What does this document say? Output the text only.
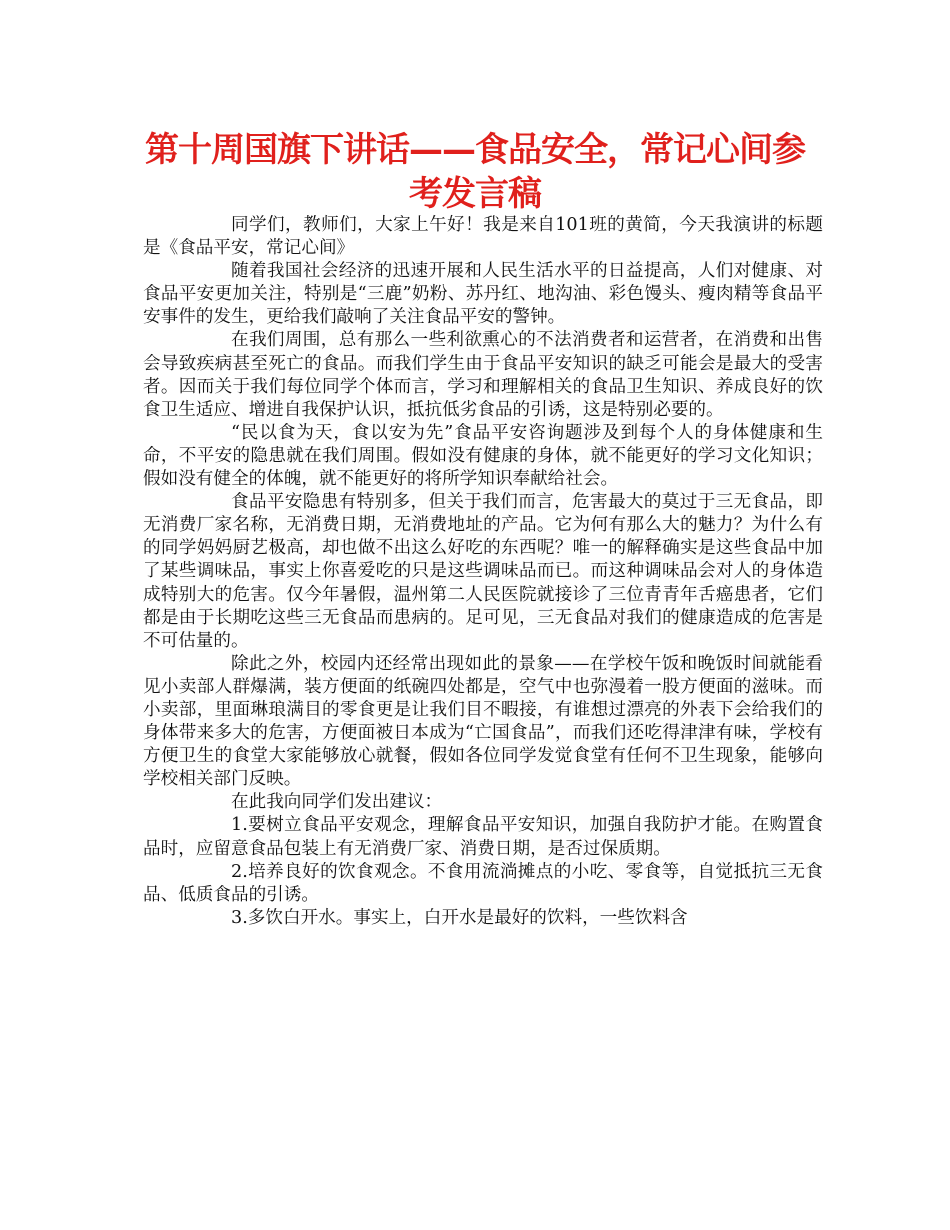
第十周国旗下讲话——食品安全，常记心间参考发言稿

同学们，教师们，大家上午好！我是来自101班的黄简，今天我演讲的标题是《食品平安，常记心间》

随着我国社会经济的迅速开展和人民生活水平的日益提高，人们对健康、对食品平安更加关注，特别是“三鹿”奶粉、苏丹红、地沟油、彩色馒头、瘦肉精等食品平安事件的发生，更给我们敲响了关注食品平安的警钟。

在我们周围，总有那么一些利欲熏心的不法消费者和运营者，在消费和出售会导致疾病甚至死亡的食品。而我们学生由于食品平安知识的缺乏可能会是最大的受害者。因而关于我们每位同学个体而言，学习和理解相关的食品卫生知识、养成良好的饮食卫生适应、增进自我保护认识，抵抗低劣食品的引诱，这是特别必要的。

“民以食为天，食以安为先”食品平安咨询题涉及到每个人的身体健康和生命，不平安的隐患就在我们周围。假如没有健康的身体，就不能更好的学习文化知识；假如没有健全的体魄，就不能更好的将所学知识奉献给社会。

食品平安隐患有特别多，但关于我们而言，危害最大的莫过于三无食品，即无消费厂家名称，无消费日期，无消费地址的产品。它为何有那么大的魅力？为什么有的同学妈妈厨艺极高，却也做不出这么好吃的东西呢？唯一的解释确实是这些食品中加了某些调味品，事实上你喜爱吃的只是这些调味品而已。而这种调味品会对人的身体造成特别大的危害。仅今年暑假，温州第二人民医院就接诊了三位青青年舌癌患者，它们都是由于长期吃这些三无食品而患病的。足可见，三无食品对我们的健康造成的危害是不可估量的。

除此之外，校园内还经常出现如此的景象——在学校午饭和晚饭时间就能看见小卖部人群爆满，装方便面的纸碗四处都是，空气中也弥漫着一股方便面的滋味。而小卖部，里面琳琅满目的零食更是让我们目不暇接，有谁想过漂亮的外表下会给我们的身体带来多大的危害，方便面被日本成为“亡国食品”，而我们还吃得津津有味，学校有方便卫生的食堂大家能够放心就餐，假如各位同学发觉食堂有任何不卫生现象，能够向学校相关部门反映。

在此我向同学们发出建议：

1.要树立食品平安观念，理解食品平安知识，加强自我防护才能。在购置食品时，应留意食品包装上有无消费厂家、消费日期，是否过保质期。

2.培养良好的饮食观念。不食用流淌摊点的小吃、零食等，自觉抵抗三无食品、低质食品的引诱。

3.多饮白开水。事实上，白开水是最好的饮料，一些饮料含
